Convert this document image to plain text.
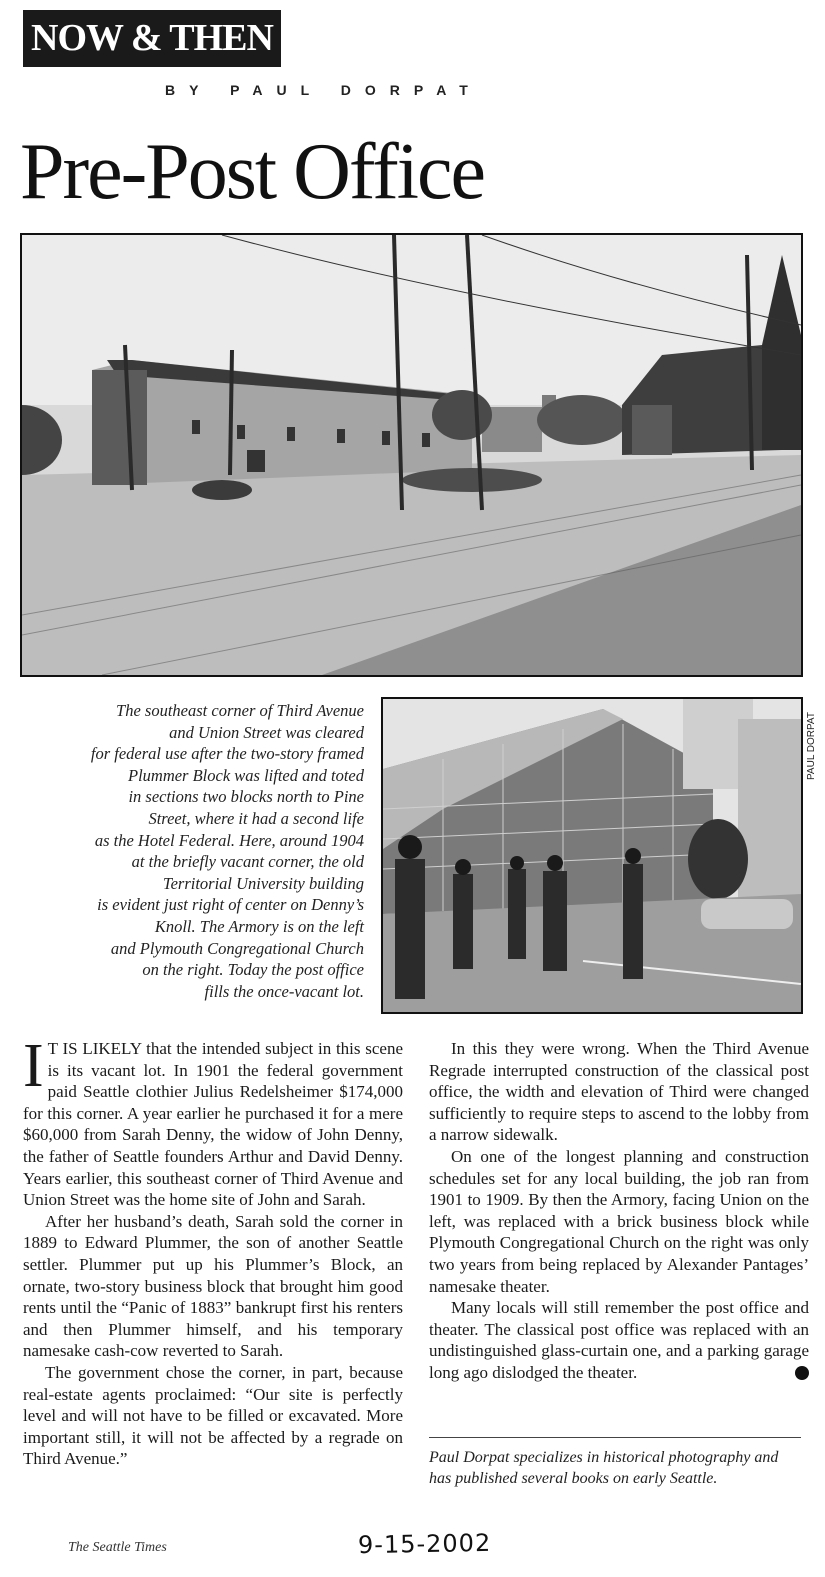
NOW & THEN
BY PAUL DORPAT
Pre-Post Office
The southeast corner of Third Avenue
and Union Street was cleared
for federal use after the two-story framed
Plummer Block was lifted and toted
in sections two blocks north to Pine
Street, where it had a second life
as the Hotel Federal. Here, around 1904
at the briefly vacant corner, the old
Territorial University building
is evident just right of center on Denny’s
Knoll. The Armory is on the left
and Plymouth Congregational Church
on the right. Today the post office
fills the once-vacant lot.
PAUL DORPAT

I T IS LIKELY that the intended subject in this scene is its vacant lot. In 1901 the federal government paid Seattle clothier Julius Redelsheimer $174,000 for this corner. A year earlier he purchased it for a mere $60,000 from Sarah Denny, the widow of John Denny, the father of Seattle founders Arthur and David Denny. Years earlier, this southeast corner of Third Avenue and Union Street was the home site of John and Sarah.

After her husband’s death, Sarah sold the corner in 1889 to Edward Plummer, the son of another Seattle settler. Plummer put up his Plummer’s Block, an ornate, two-story business block that brought him good rents until the “Panic of 1883” bankrupt first his renters and then Plummer himself, and his temporary namesake cash-cow reverted to Sarah.

The government chose the corner, in part, because real-estate agents proclaimed: “Our site is perfectly level and will not have to be filled or excavated. More important still, it will not be affected by a regrade on Third Avenue.”

In this they were wrong. When the Third Avenue Regrade interrupted construction of the classical post office, the width and elevation of Third were changed sufficiently to require steps to ascend to the lobby from a narrow sidewalk.

On one of the longest planning and construction schedules set for any local building, the job ran from 1901 to 1909. By then the Armory, facing Union on the left, was replaced with a brick business block while Plymouth Congregational Church on the right was only two years from being replaced by Alexander Pantages’ namesake theater.

Many locals will still remember the post office and theater. The classical post office was replaced with an undistinguished glass-curtain one, and a parking garage long ago dislodged the theater.	P

Paul Dorpat specializes in historical photography and has published several books on early Seattle.
The Seattle Times	9-15-2002
